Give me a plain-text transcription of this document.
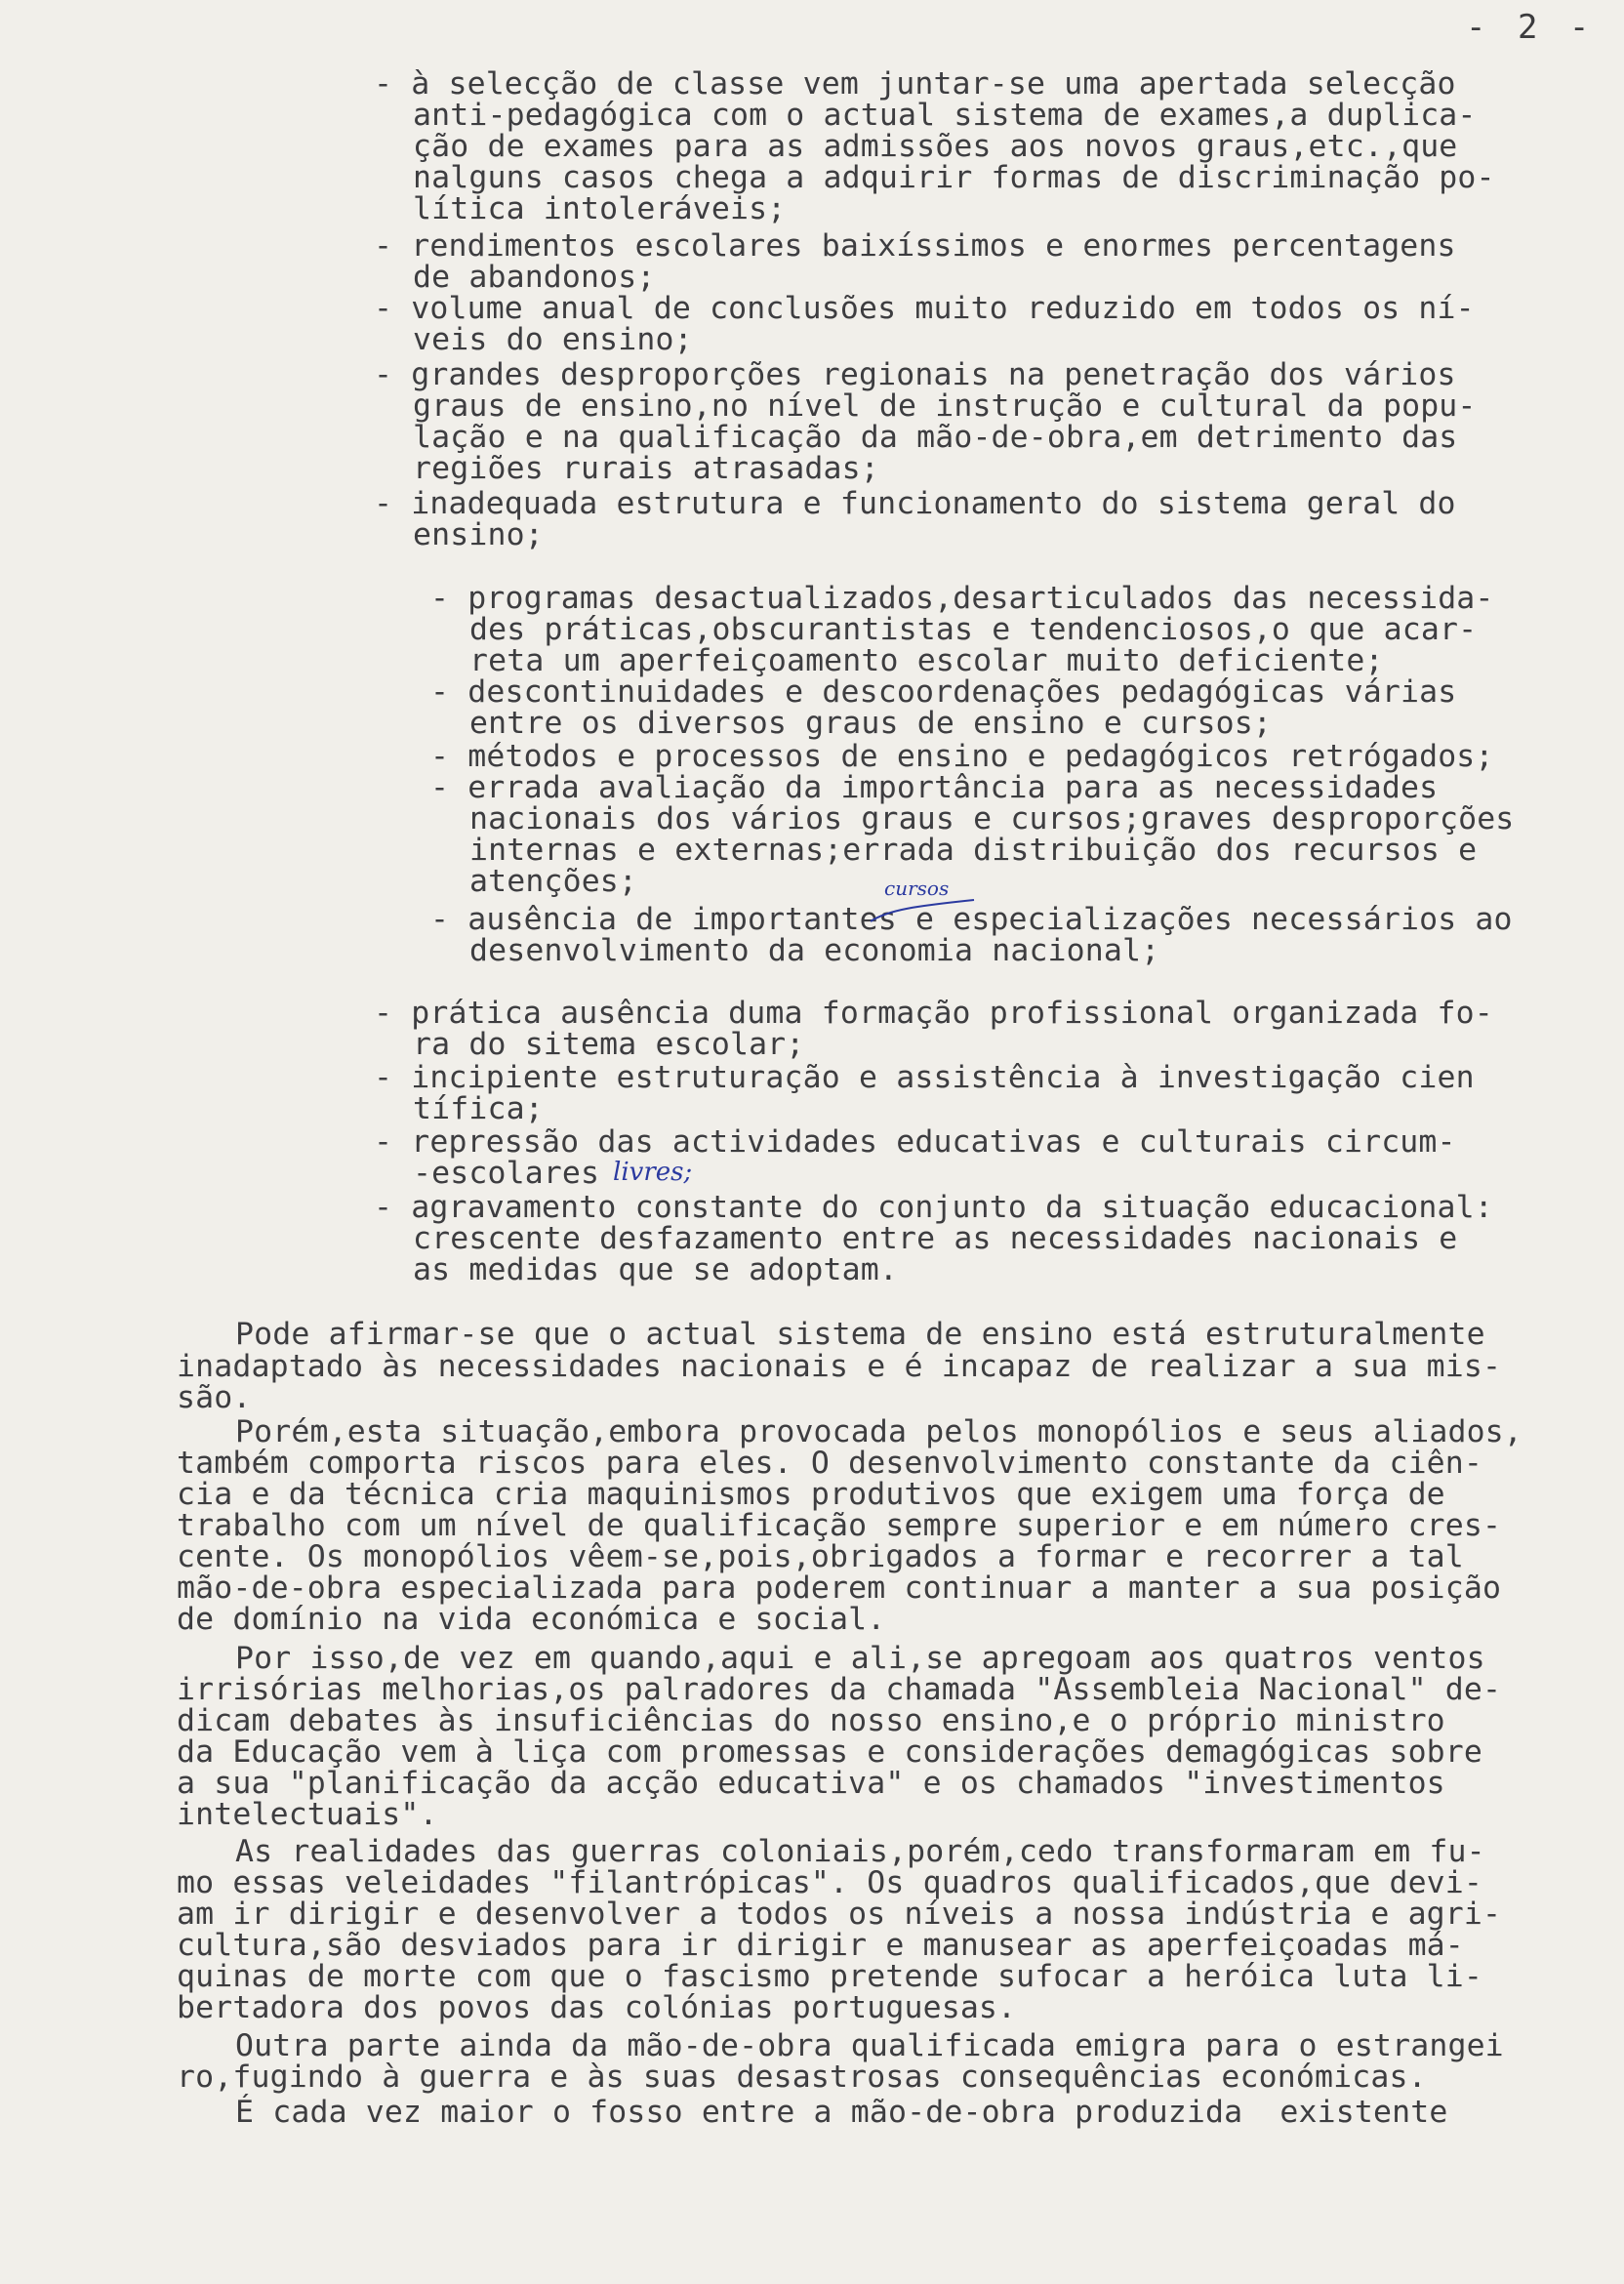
- 2 -
- à selecção de classe vem juntar-se uma apertada selecção
anti-pedagógica com o actual sistema de exames,a duplica-
ção de exames para as admissões aos novos graus,etc.,que
nalguns casos chega a adquirir formas de discriminação po-
lítica intoleráveis;
- rendimentos escolares baixíssimos e enormes percentagens
de abandonos;
- volume anual de conclusões muito reduzido em todos os ní-
veis do ensino;
- grandes desproporções regionais na penetração dos vários
graus de ensino,no nível de instrução e cultural da popu-
lação e na qualificação da mão-de-obra,em detrimento das
regiões rurais atrasadas;
- inadequada estrutura e funcionamento do sistema geral do
ensino;
- programas desactualizados,desarticulados das necessida-
des práticas,obscurantistas e tendenciosos,o que acar-
reta um aperfeiçoamento escolar muito deficiente;
- descontinuidades e descoordenações pedagógicas várias
entre os diversos graus de ensino e cursos;
- métodos e processos de ensino e pedagógicos retrógados;
- errada avaliação da importância para as necessidades
nacionais dos vários graus e cursos;graves desproporções
internas e externas;errada distribuição dos recursos e
atenções;
- ausência de importantes e especializações necessários ao
desenvolvimento da economia nacional;
- prática ausência duma formação profissional organizada fo-
ra do sitema escolar;
- incipiente estruturação e assistência à investigação cien
tífica;
- repressão das actividades educativas e culturais circum-
-escolares
- agravamento constante do conjunto da situação educacional:
crescente desfazamento entre as necessidades nacionais e
as medidas que se adoptam.
Pode afirmar-se que o actual sistema de ensino está estruturalmente
inadaptado às necessidades nacionais e é incapaz de realizar a sua mis-
são.
Porém,esta situação,embora provocada pelos monopólios e seus aliados,
também comporta riscos para eles. O desenvolvimento constante da ciên-
cia e da técnica cria maquinismos produtivos que exigem uma força de
trabalho com um nível de qualificação sempre superior e em número cres-
cente. Os monopólios vêem-se,pois,obrigados a formar e recorrer a tal
mão-de-obra especializada para poderem continuar a manter a sua posição
de domínio na vida económica e social.
Por isso,de vez em quando,aqui e ali,se apregoam aos quatros ventos
irrisórias melhorias,os palradores da chamada "Assembleia Nacional" de-
dicam debates às insuficiências do nosso ensino,e o próprio ministro
da Educação vem à liça com promessas e considerações demagógicas sobre
a sua "planificação da acção educativa" e os chamados "investimentos
intelectuais".
As realidades das guerras coloniais,porém,cedo transformaram em fu-
mo essas veleidades "filantrópicas". Os quadros qualificados,que devi-
am ir dirigir e desenvolver a todos os níveis a nossa indústria e agri-
cultura,são desviados para ir dirigir e manusear as aperfeiçoadas má-
quinas de morte com que o fascismo pretende sufocar a heróica luta li-
bertadora dos povos das colónias portuguesas.
Outra parte ainda da mão-de-obra qualificada emigra para o estrangei
ro,fugindo à guerra e às suas desastrosas consequências económicas.
É cada vez maior o fosso entre a mão-de-obra produzida  existente
cursos
livres;
